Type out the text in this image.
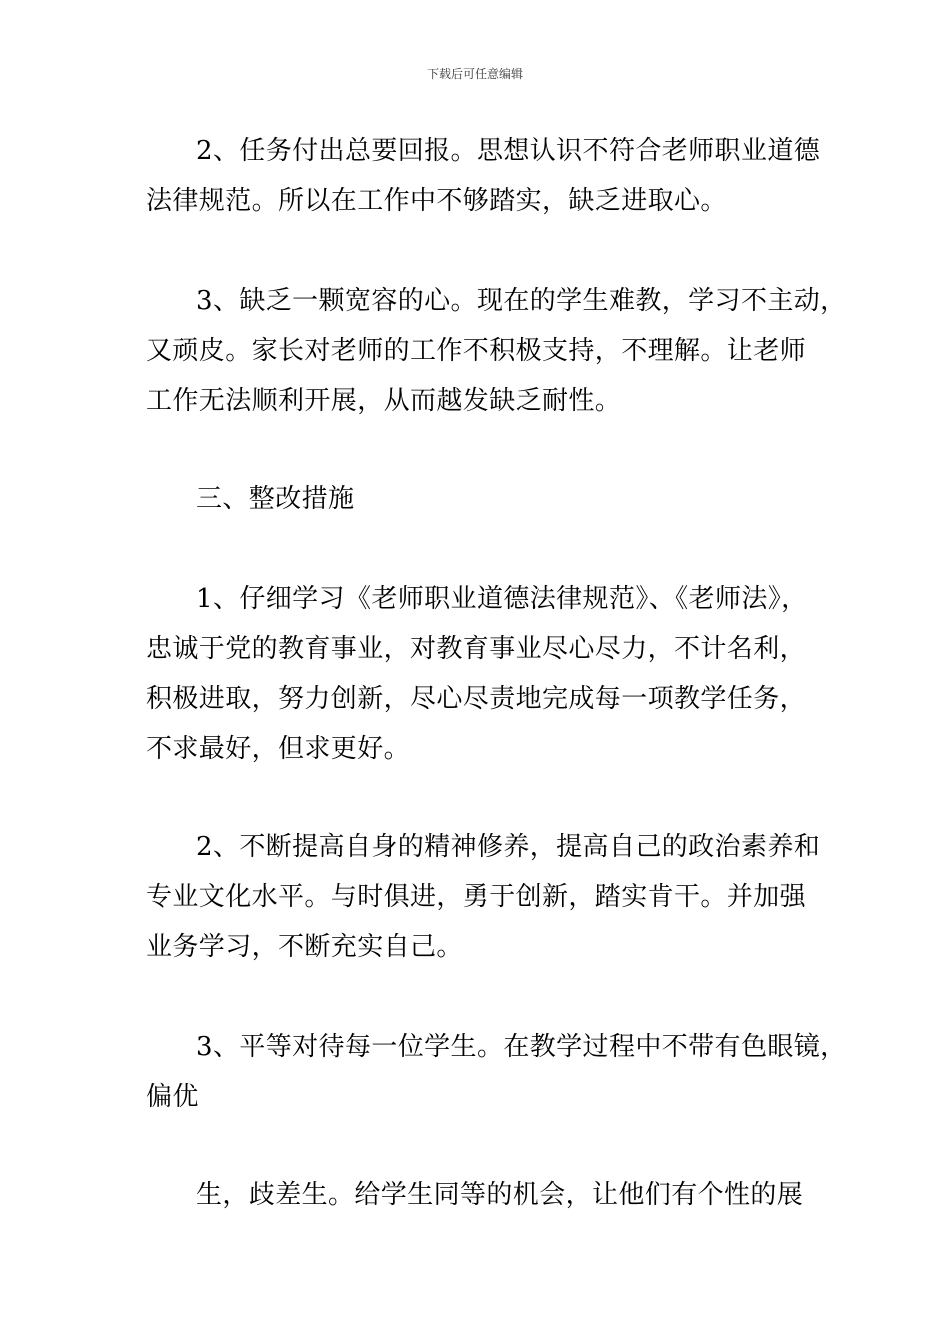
下载后可任意编辑
2、任务付出总要回报。思想认识不符合老师职业道德
法律规范。所以在工作中不够踏实，缺乏进取心。
3、缺乏一颗宽容的心。现在的学生难教，学习不主动，
又顽皮。家长对老师的工作不积极支持，不理解。让老师
工作无法顺利开展，从而越发缺乏耐性。
三、整改措施
1、仔细学习《老师职业道德法律规范》、《老师法》，
忠诚于党的教育事业，对教育事业尽心尽力，不计名利，
积极进取，努力创新，尽心尽责地完成每一项教学任务，
不求最好，但求更好。
2、不断提高自身的精神修养，提高自己的政治素养和
专业文化水平。与时俱进，勇于创新，踏实肯干。并加强
业务学习，不断充实自己。
3、平等对待每一位学生。在教学过程中不带有色眼镜，
偏优
生，歧差生。给学生同等的机会，让他们有个性的展
